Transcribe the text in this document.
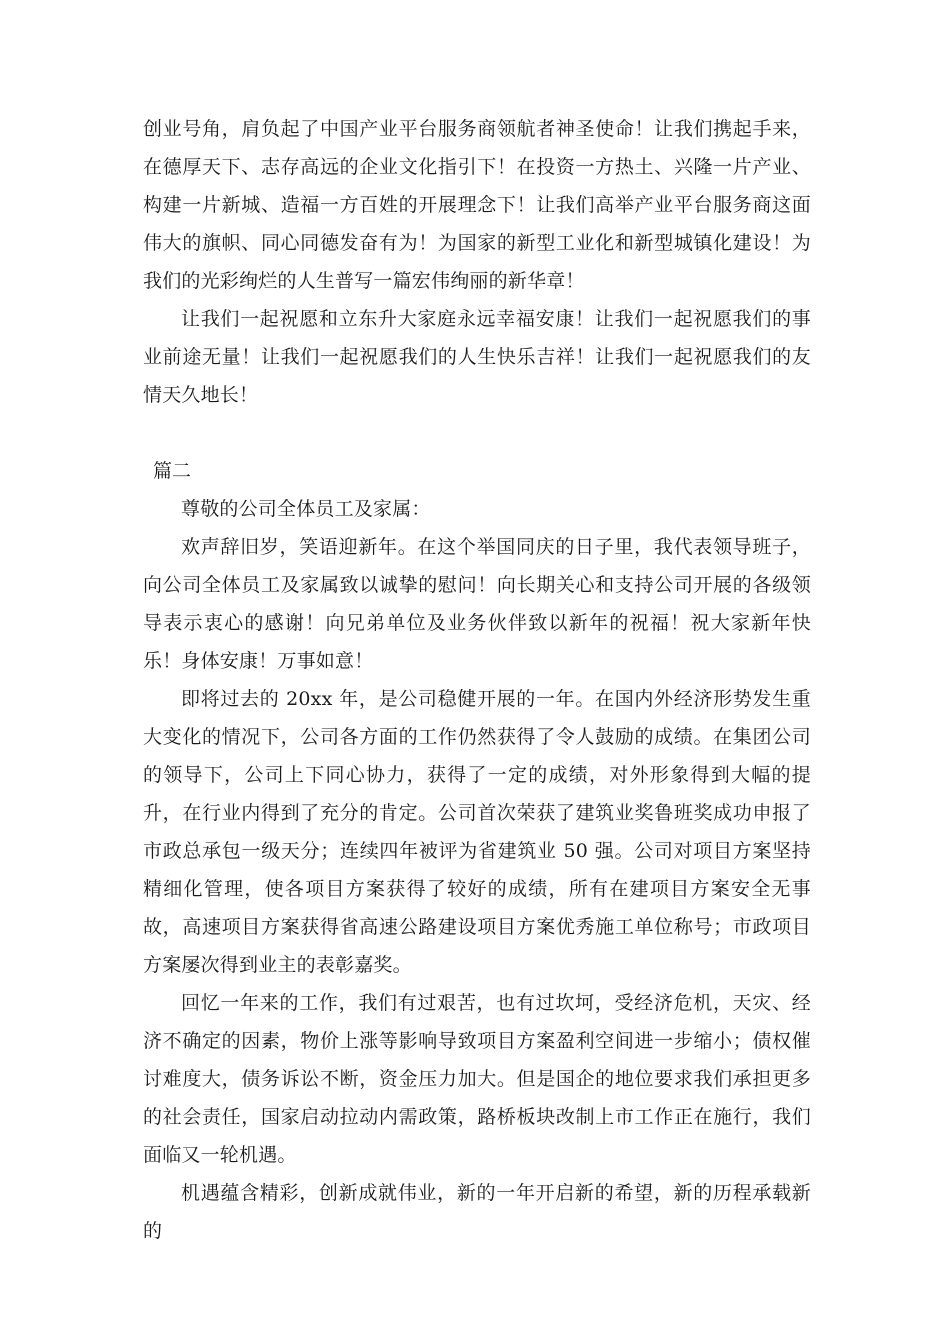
创业号角，肩负起了中国产业平台服务商领航者神圣使命！让我们携起手来，在德厚天下、志存高远的企业文化指引下！在投资一方热土、兴隆一片产业、构建一片新城、造福一方百姓的开展理念下！让我们高举产业平台服务商这面伟大的旗帜、同心同德发奋有为！为国家的新型工业化和新型城镇化建设！为我们的光彩绚烂的人生普写一篇宏伟绚丽的新华章！

让我们一起祝愿和立东升大家庭永远幸福安康！让我们一起祝愿我们的事业前途无量！让我们一起祝愿我们的人生快乐吉祥！让我们一起祝愿我们的友情天久地长！

篇二

尊敬的公司全体员工及家属：

欢声辞旧岁，笑语迎新年。在这个举国同庆的日子里，我代表领导班子，向公司全体员工及家属致以诚挚的慰问！向长期关心和支持公司开展的各级领导表示衷心的感谢！向兄弟单位及业务伙伴致以新年的祝福！祝大家新年快乐！身体安康！万事如意！

即将过去的 20xx 年，是公司稳健开展的一年。在国内外经济形势发生重大变化的情况下，公司各方面的工作仍然获得了令人鼓励的成绩。在集团公司的领导下，公司上下同心协力，获得了一定的成绩，对外形象得到大幅的提升，在行业内得到了充分的肯定。公司首次荣获了建筑业奖鲁班奖成功申报了市政总承包一级天分；连续四年被评为省建筑业 50 强。公司对项目方案坚持精细化管理，使各项目方案获得了较好的成绩，所有在建项目方案安全无事故，高速项目方案获得省高速公路建设项目方案优秀施工单位称号；市政项目方案屡次得到业主的表彰嘉奖。

回忆一年来的工作，我们有过艰苦，也有过坎坷，受经济危机，天灾、经济不确定的因素，物价上涨等影响导致项目方案盈利空间进一步缩小；债权催讨难度大，债务诉讼不断，资金压力加大。但是国企的地位要求我们承担更多的社会责任，国家启动拉动内需政策，路桥板块改制上市工作正在施行，我们面临又一轮机遇。

机遇蕴含精彩，创新成就伟业，新的一年开启新的希望，新的历程承载新的
